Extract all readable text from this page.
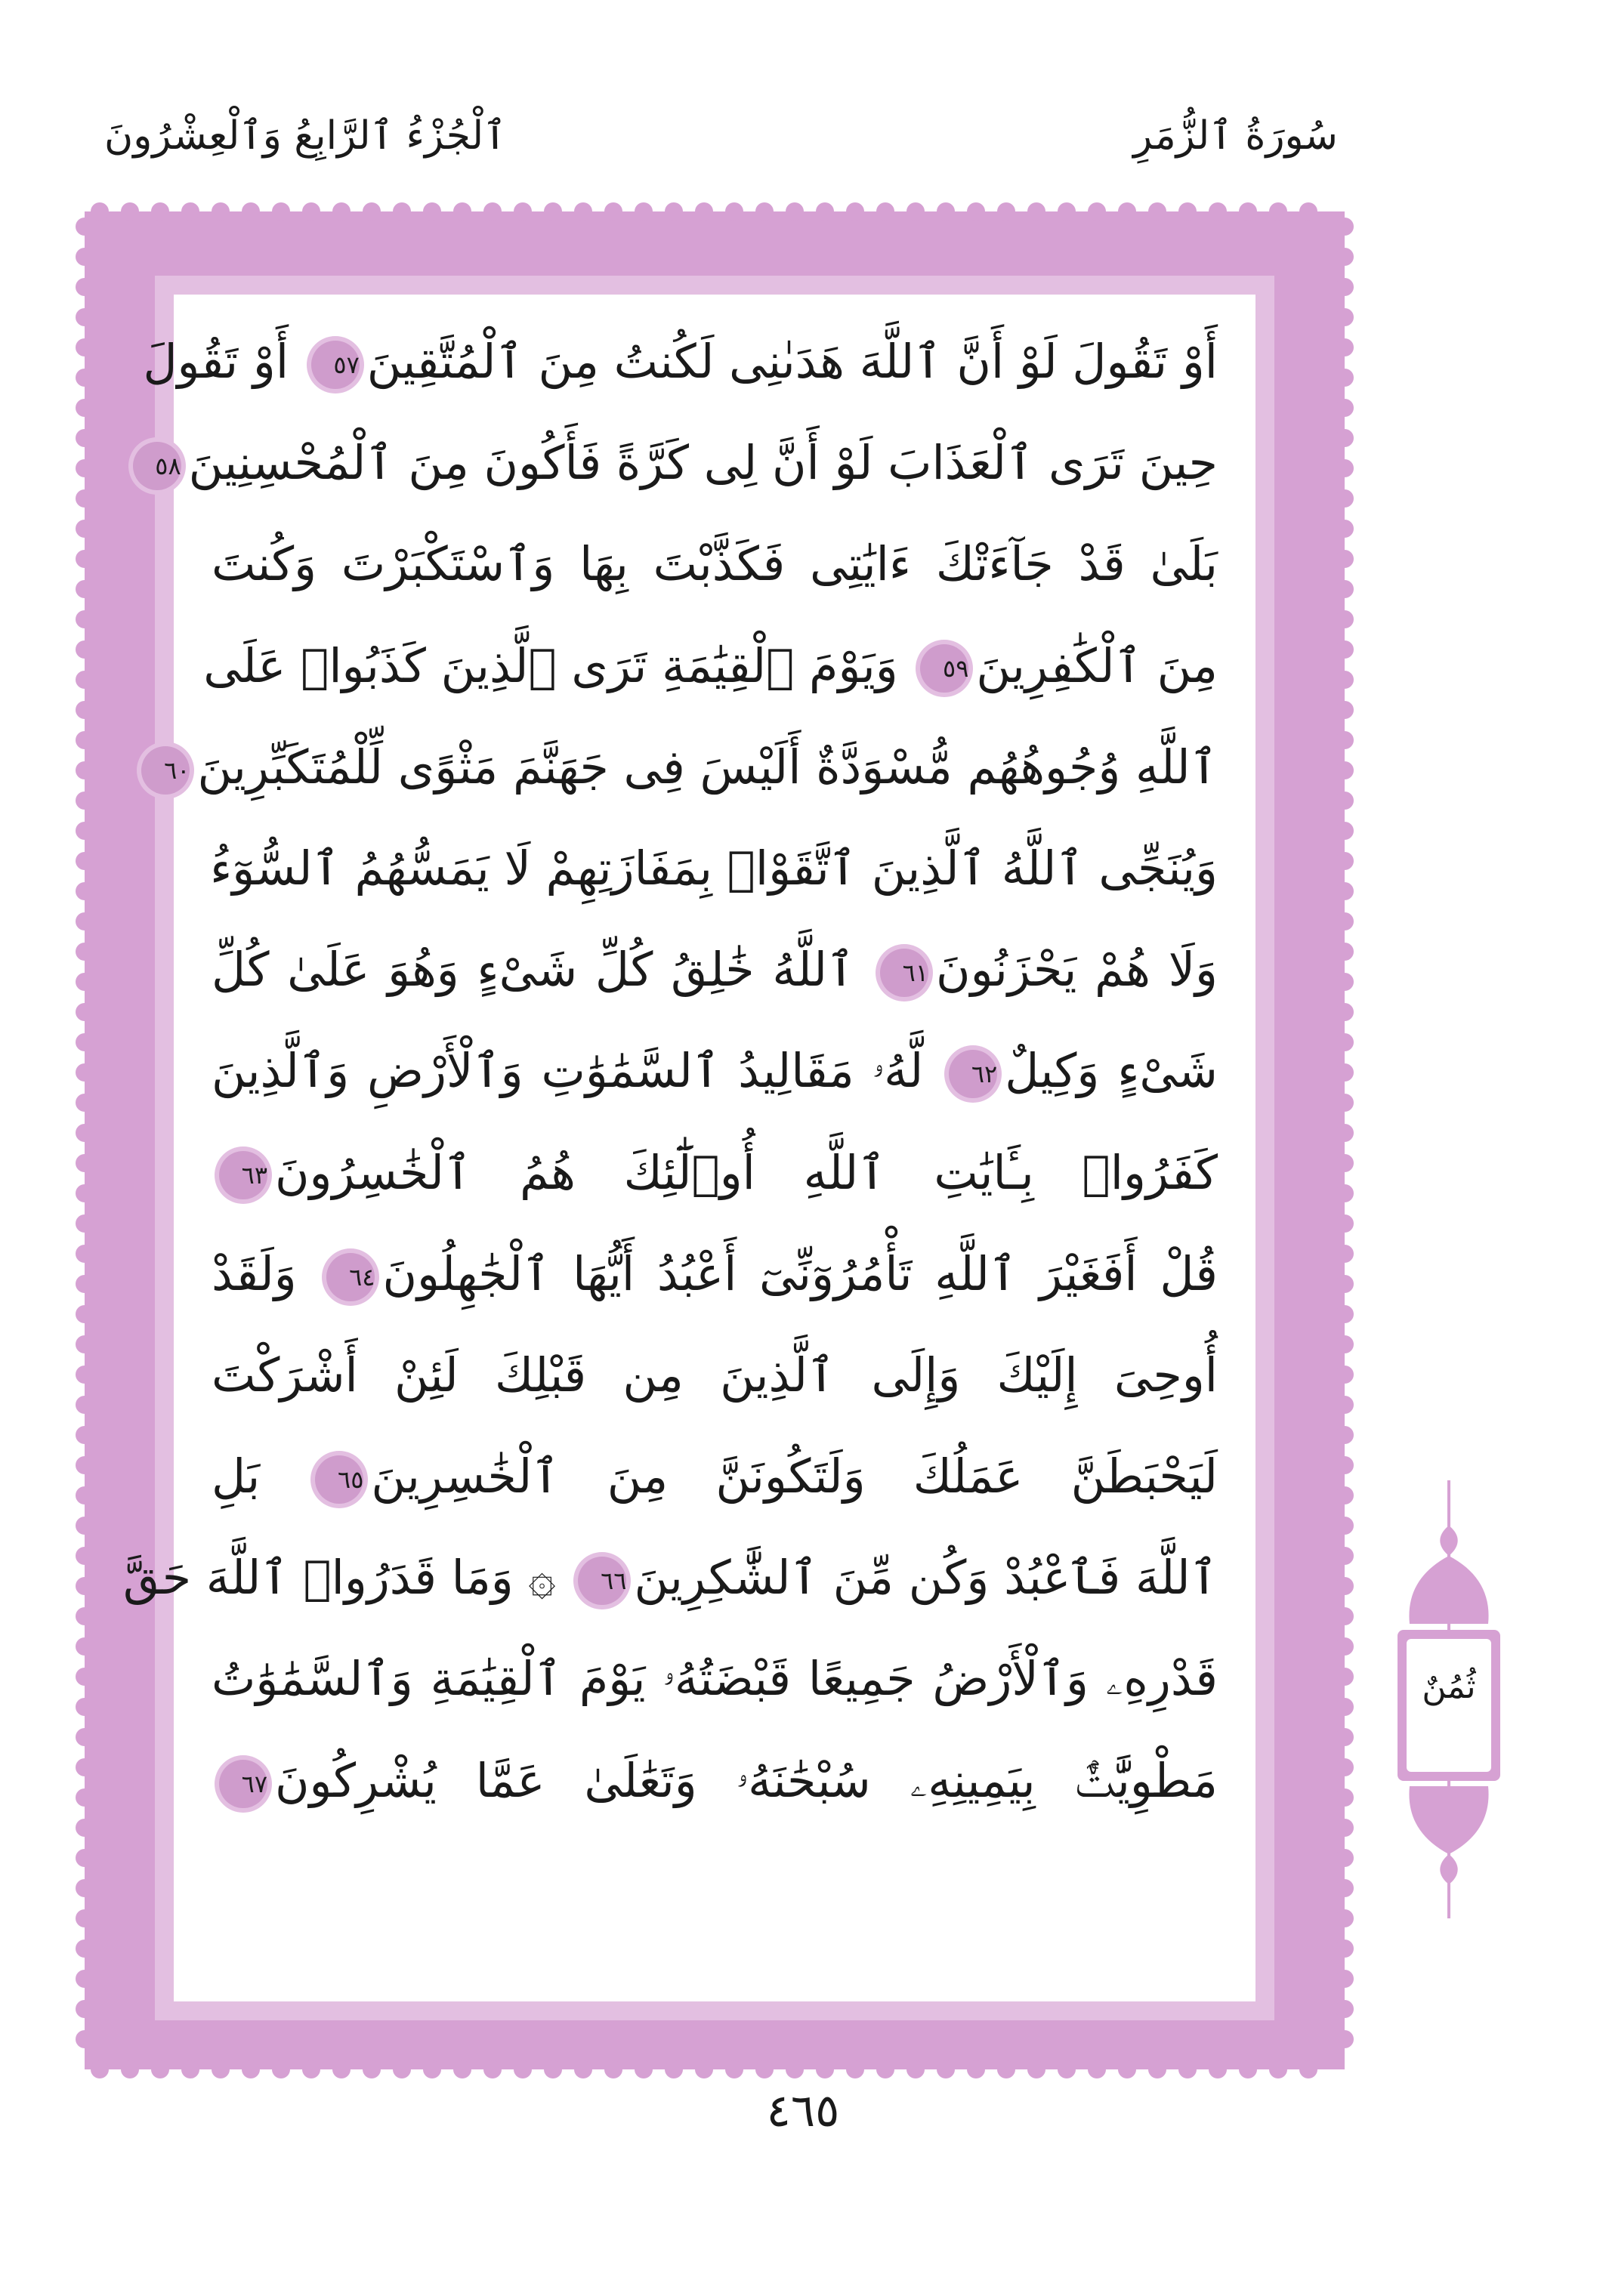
ٱلْجُزْءُ ٱلرَّابِعُ وَٱلْعِشْرُونَ	سُورَةُ ٱلزُّمَرِ
ثُمُنٌ
أَوْ تَقُولَ لَوْ أَنَّ ٱللَّهَ هَدَىٰنِى لَكُنتُ مِنَ ٱلْمُتَّقِينَ٥٧ أَوْ تَقُولَ
حِينَ تَرَى ٱلْعَذَابَ لَوْ أَنَّ لِى كَرَّةً فَأَكُونَ مِنَ ٱلْمُحْسِنِينَ٥٨
بَلَىٰ قَدْ جَآءَتْكَ ءَايَٰتِى فَكَذَّبْتَ بِهَا وَٱسْتَكْبَرْتَ وَكُنتَ
مِنَ ٱلْكَٰفِرِينَ٥٩ وَيَوْمَ ٱلْقِيَٰمَةِ تَرَى ٱلَّذِينَ كَذَبُوا۟ عَلَى
ٱللَّهِ وُجُوهُهُم مُّسْوَدَّةٌ أَلَيْسَ فِى جَهَنَّمَ مَثْوًى لِّلْمُتَكَبِّرِينَ٦٠
وَيُنَجِّى ٱللَّهُ ٱلَّذِينَ ٱتَّقَوْا۟ بِمَفَازَتِهِمْ لَا يَمَسُّهُمُ ٱلسُّوٓءُ
وَلَا هُمْ يَحْزَنُونَ٦١ ٱللَّهُ خَٰلِقُ كُلِّ شَىْءٍ وَهُوَ عَلَىٰ كُلِّ
شَىْءٍ وَكِيلٌ٦٢ لَّهُۥ مَقَالِيدُ ٱلسَّمَٰوَٰتِ وَٱلْأَرْضِ وَٱلَّذِينَ
كَفَرُوا۟ بِـَٔايَٰتِ ٱللَّهِ أُو۟لَٰٓئِكَ هُمُ ٱلْخَٰسِرُونَ٦٣
قُلْ أَفَغَيْرَ ٱللَّهِ تَأْمُرُوٓنِّىٓ أَعْبُدُ أَيُّهَا ٱلْجَٰهِلُونَ٦٤ وَلَقَدْ
أُوحِىَ إِلَيْكَ وَإِلَى ٱلَّذِينَ مِن قَبْلِكَ لَئِنْ أَشْرَكْتَ
لَيَحْبَطَنَّ عَمَلُكَ وَلَتَكُونَنَّ مِنَ ٱلْخَٰسِرِينَ٦٥ بَلِ
ٱللَّهَ فَٱعْبُدْ وَكُن مِّنَ ٱلشَّٰكِرِينَ٦٦ ۞ وَمَا قَدَرُوا۟ ٱللَّهَ حَقَّ
قَدْرِهِۦ وَٱلْأَرْضُ جَمِيعًا قَبْضَتُهُۥ يَوْمَ ٱلْقِيَٰمَةِ وَٱلسَّمَٰوَٰتُ
مَطْوِيَّٰتٌۢ بِيَمِينِهِۦ سُبْحَٰنَهُۥ وَتَعَٰلَىٰ عَمَّا يُشْرِكُونَ٦٧
٤٦٥
